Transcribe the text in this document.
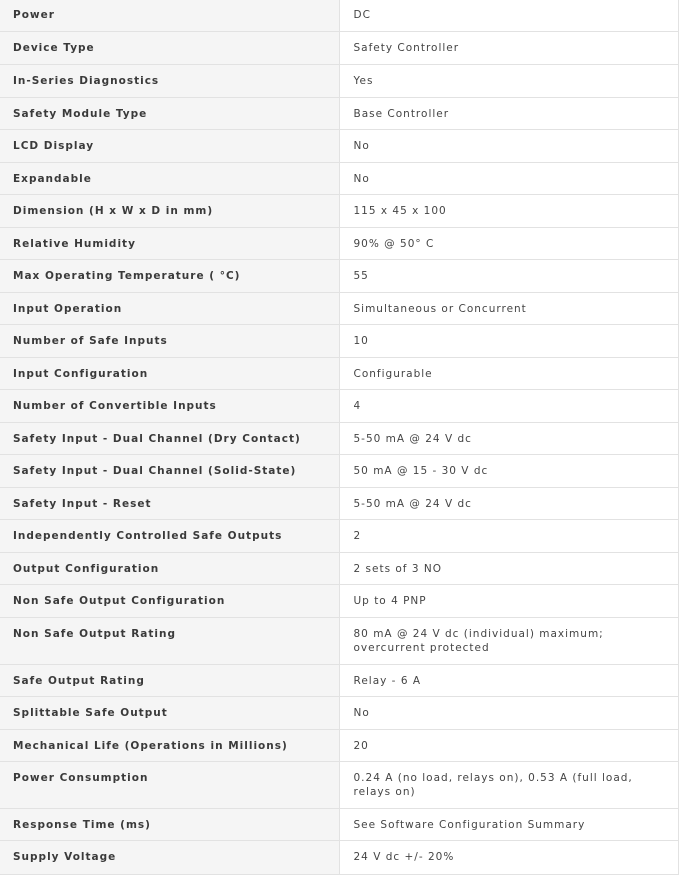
Power	DC
Device Type	Safety Controller
In-Series Diagnostics	Yes
Safety Module Type	Base Controller
LCD Display	No
Expandable	No
Dimension (H x W x D in mm)	115 x 45 x 100
Relative Humidity	90% @ 50° C
Max Operating Temperature ( °C)	55
Input Operation	Simultaneous or Concurrent
Number of Safe Inputs	10
Input Configuration	Configurable
Number of Convertible Inputs	4
Safety Input - Dual Channel (Dry Contact)	5-50 mA @ 24 V dc
Safety Input - Dual Channel (Solid-State)	50 mA @ 15 - 30 V dc
Safety Input - Reset	5-50 mA @ 24 V dc
Independently Controlled Safe Outputs	2
Output Configuration	2 sets of 3 NO
Non Safe Output Configuration	Up to 4 PNP
Non Safe Output Rating	80 mA @ 24 V dc (individual) maximum; overcurrent protected
Safe Output Rating	Relay - 6 A
Splittable Safe Output	No
Mechanical Life (Operations in Millions)	20
Power Consumption	0.24 A (no load, relays on), 0.53 A (full load, relays on)
Response Time (ms)	See Software Configuration Summary
Supply Voltage	24 V dc +/- 20%
